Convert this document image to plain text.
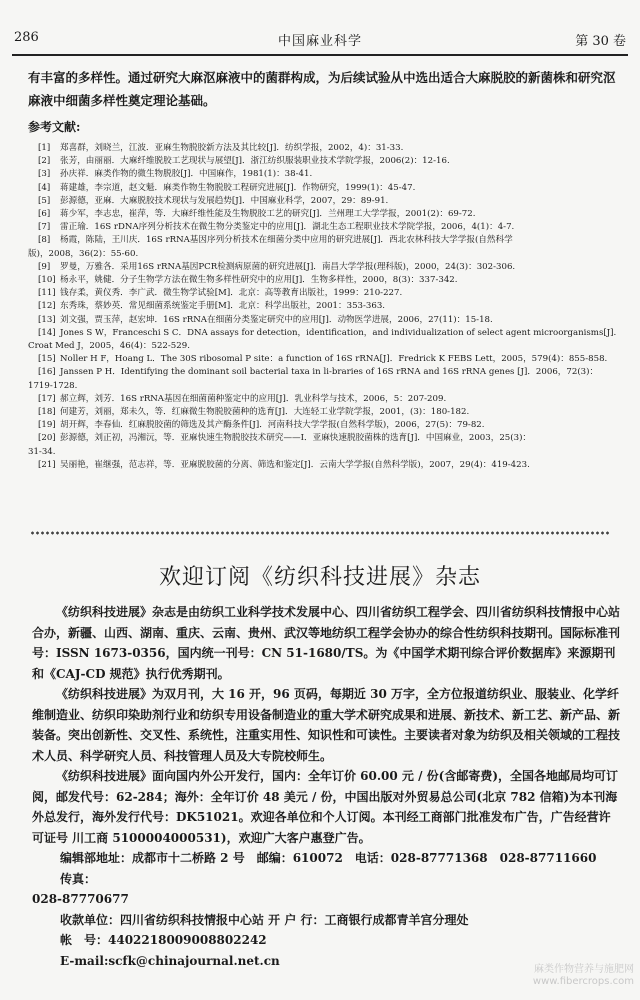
286	中国麻业科学	第 30 卷

有丰富的多样性。通过研究大麻沤麻液中的菌群构成，为后续试验从中选出适合大麻脱胶的新菌株和研究沤麻液中细菌多样性奠定理论基础。

参考文献:

[1] 郑喜群，刘晓兰，江波．亚麻生物脱胶新方法及其比较[J]．纺织学报，2002，4)：31-33.
[2] 张芳，由丽丽．大麻纤维脱胶工艺现状与展望[J]．浙江纺织服装职业技术学院学报，2006(2)：12-16.
[3] 孙庆祥．麻类作物的微生物脱胶[J]．中国麻作，1981(1)：38-41.
[4] 蒋建雄，李宗道，赵文魁．麻类作物生物脱胶工程研究进展[J]．作物研究，1999(1)：45-47.
[5] 彭源德，亚麻．大麻脱胶技术现状与发展趋势[J]．中国麻业科学，2007，29：89-91.
[6] 蒋少军，李志忠，崔萍，等．大麻纤维性能及生物脱胶工艺的研究[J]．兰州理工大学学报，2001(2)：69-72.
[7] 雷正瑜．16S rDNA序列分析技术在微生物分类鉴定中的应用[J]．湖北生态工程职业技术学院学报，2006，4(1)：4-7.
[8] 杨霞，陈陆，王川庆．16S rRNA基因序列分析技术在细菌分类中应用的研究进展[J]．西北农林科技大学学报(自然科学
版)，2008，36(2)：55-60.
[9] 罗曼，万雅各．采用16S rRNA基因PCR检测病原菌的研究进展[J]．南昌大学学报(理科版)，2000，24(3)：302-306.
[10] 杨永平，姚健．分子生物学方法在微生物多样性研究中的应用[J]．生物多样性，2000，8(3)：337-342.
[11] 钱存柔，黄仪秀．李广武．微生物学试验[M]．北京：高等教育出版社，1999：210-227.
[12] 东秀珠，蔡妙英．常见细菌系统鉴定手册[M]．北京：科学出版社，2001：353-363.
[13] 刘文强，贾玉萍，赵宏坤．16S rRNA在细菌分类鉴定研究中的应用[J]．动物医学进展，2006，27(11)：15-18.
[14] Jones S W，Franceschi S C．DNA assays for detection，identification，and individualization of select agent microorganisms[J].
Croat Med J，2005，46(4)：522-529.
[15] Noller H F，Hoang L．The 30S ribosomal P site：a function of 16S rRNA[J]．Fredrick K FEBS Lett，2005，579(4)：855-858.
[16] Janssen P H．Identifying the dominant soil bacterial taxa in li-braries of 16S rRNA and 16S rRNA genes [J]．2006，72(3)：
1719-1728.
[17] 郝立辉，刘芳．16S rRNA基因在细菌菌种鉴定中的应用[J]．乳业科学与技术，2006，5：207-209.
[18] 何建芳，刘丽，郑未久，等．红麻微生物脱胶菌种的选育[J]．大连轻工业学院学报，2001，(3)：180-182.
[19] 胡开辉，李春仙．红麻脱胶菌的筛选及其产酶条件[J]．河南科技大学学报(自然科学版)，2006，27(5)：79-82.
[20] 彭源德，刘正初，冯湘沅，等．亚麻快速生物脱胶技术研究——Ⅰ．亚麻快速脱胶菌株的选育[J]．中国麻业，2003，25(3)：
31-34.
[21] 吴丽艳，崔继强，范志祥，等．亚麻脱胶菌的分离、筛选和鉴定[J]．云南大学学报(自然科学版)，2007，29(4)：419-423.
欢迎订阅《纺织科技进展》杂志

《纺织科技进展》杂志是由纺织工业科学技术发展中心、四川省纺织工程学会、四川省纺织科技情报中心站合办，新疆、山西、湖南、重庆、云南、贵州、武汉等地纺织工程学会协办的综合性纺织科技期刊。国际标准刊号：ISSN 1673-0356，国内统一刊号：CN 51-1680/TS。为《中国学术期刊综合评价数据库》来源期刊和《CAJ-CD 规范》执行优秀期刊。

《纺织科技进展》为双月刊，大 16 开，96 页码，每期近 30 万字，全方位报道纺织业、服装业、化学纤维制造业、纺织印染助剂行业和纺织专用设备制造业的重大学术研究成果和进展、新技术、新工艺、新产品、新装备。突出创新性、交叉性、系统性，注重实用性、知识性和可读性。主要读者对象为纺织及相关领域的工程技术人员、科学研究人员、科技管理人员及大专院校师生。

《纺织科技进展》面向国内外公开发行，国内：全年订价 60.00 元 / 份(含邮寄费)，全国各地邮局均可订阅，邮发代号：62-284；海外：全年订价 48 美元 / 份，中国出版对外贸易总公司(北京 782 信箱)为本刊海外总发行，海外发行代号：DK51021。欢迎各单位和个人订阅。本刊经工商部门批准发布广告，广告经营许可证号 川工商 5100004000531)，欢迎广大客户惠登广告。

编辑部地址：成都市十二桥路 2 号　邮编：610072　电话：028-87771368　028-87711660　传真：

028-87770677

收款单位：四川省纺织科技情报中心站 开 户 行：工商银行成都青羊宫分理处

帐　号：4402218009008802242

E-mail:scfk@chinajournal.net.cn

麻类作物营养与施肥网
www.fibercrops.com
